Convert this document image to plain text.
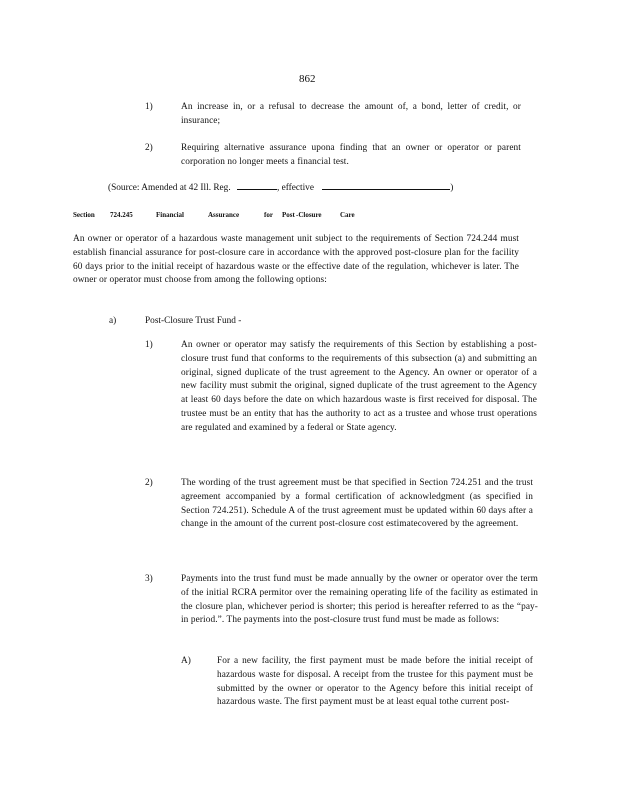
862
1)	An increase in, or a refusal to decrease the amount of, a bond, letter of credit, or insurance;
2)	Requiring alternative assurance upona finding that an owner or operator or parent corporation no longer meets a financial test.
(Source: Amended at 42 Ill. Reg.	, effective	)
Section 724.245	Financial	Assurance	for Post-Closure	Care
An owner or operator of a hazardous waste management unit subject to the requirements of Section 724.244 must establish financial assurance for post-closure care in accordance with the approved post-closure plan for the facility 60 days prior to the initial receipt of hazardous waste or the effective date of the regulation, whichever is later. The owner or operator must choose from among the following options:
a)	Post-Closure Trust Fund -
1)	An owner or operator may satisfy the requirements of this Section by establishing a post-closure trust fund that conforms to the requirements of this subsection (a) and submitting an original, signed duplicate of the trust agreement to the Agency. An owner or operator of a new facility must submit the original, signed duplicate of the trust agreement to the Agency at least 60 days before the date on which hazardous waste is first received for disposal. The trustee must be an entity that has the authority to act as a trustee and whose trust operations are regulated and examined by a federal or State agency.
2)	The wording of the trust agreement must be that specified in Section 724.251 and the trust agreement accompanied by a formal certification of acknowledgment (as specified in Section 724.251). Schedule A of the trust agreement must be updated within 60 days after a change in the amount of the current post-closure cost estimatecovered by the agreement.
3)	Payments into the trust fund must be made annually by the owner or operator over the term of the initial RCRA permitor over the remaining operating life of the facility as estimated in the closure plan, whichever period is shorter; this period is hereafter referred to as the “pay-in period.”. The payments into the post-closure trust fund must be made as follows:
A)	For a new facility, the first payment must be made before the initial receipt of hazardous waste for disposal. A receipt from the trustee for this payment must be submitted by the owner or operator to the Agency before this initial receipt of hazardous waste. The first payment must be at least equal tothe current post-
